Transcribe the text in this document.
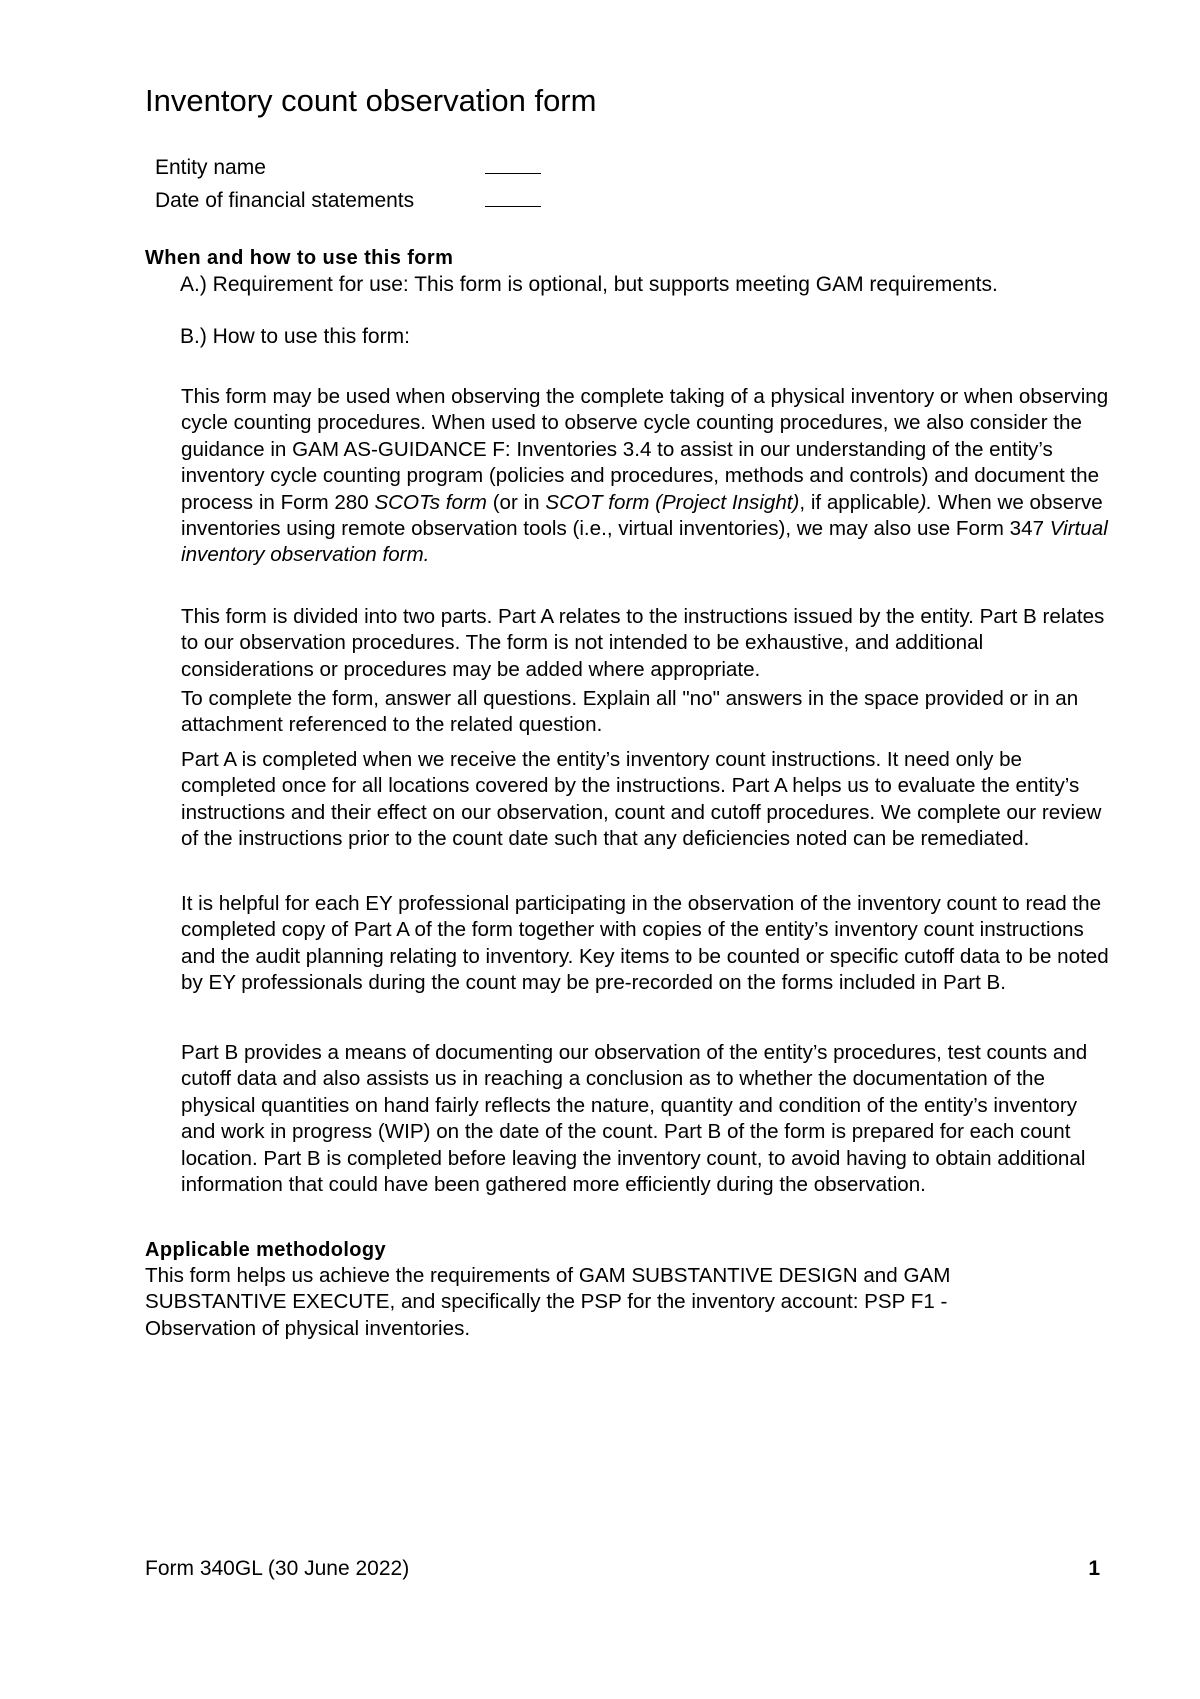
Inventory count observation form
Entity name
Date of financial statements
When and how to use this form

A.) Requirement for use: This form is optional, but supports meeting GAM requirements.

B.) How to use this form:

This form may be used when observing the complete taking of a physical inventory or when observing cycle counting procedures. When used to observe cycle counting procedures, we also consider the guidance in GAM AS-GUIDANCE F: Inventories 3.4 to assist in our understanding of the entity’s inventory cycle counting program (policies and procedures, methods and controls) and document the process in Form 280 SCOTs form (or in SCOT form (Project Insight), if applicable). When we observe inventories using remote observation tools (i.e., virtual inventories), we may also use Form 347 Virtual inventory observation form.

This form is divided into two parts. Part A relates to the instructions issued by the entity. Part B relates to our observation procedures. The form is not intended to be exhaustive, and additional considerations or procedures may be added where appropriate.

To complete the form, answer all questions. Explain all "no" answers in the space provided or in an attachment referenced to the related question.

Part A is completed when we receive the entity’s inventory count instructions. It need only be completed once for all locations covered by the instructions. Part A helps us to evaluate the entity’s instructions and their effect on our observation, count and cutoff procedures. We complete our review of the instructions prior to the count date such that any deficiencies noted can be remediated.

It is helpful for each EY professional participating in the observation of the inventory count to read the completed copy of Part A of the form together with copies of the entity’s inventory count instructions and the audit planning relating to inventory. Key items to be counted or specific cutoff data to be noted by EY professionals during the count may be pre-recorded on the forms included in Part B.

Part B provides a means of documenting our observation of the entity’s procedures, test counts and cutoff data and also assists us in reaching a conclusion as to whether the documentation of the physical quantities on hand fairly reflects the nature, quantity and condition of the entity’s inventory and work in progress (WIP) on the date of the count. Part B of the form is prepared for each count location. Part B is completed before leaving the inventory count, to avoid having to obtain additional information that could have been gathered more efficiently during the observation.

Applicable methodology

This form helps us achieve the requirements of GAM SUBSTANTIVE DESIGN and GAM SUBSTANTIVE EXECUTE, and specifically the PSP for the inventory account: PSP F1 - Observation of physical inventories.

Form 340GL (30 June 2022)	1
